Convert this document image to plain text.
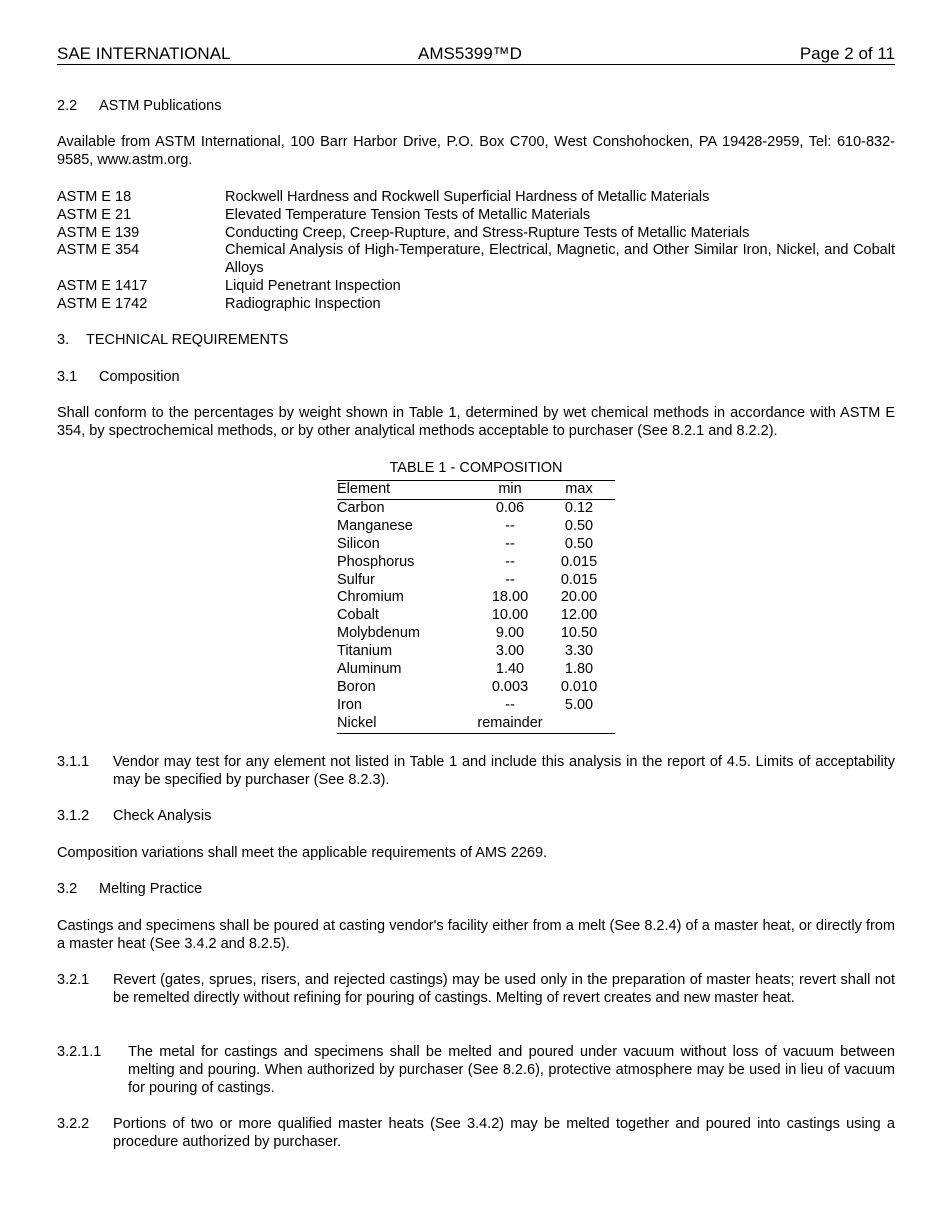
SAE INTERNATIONAL	AMS5399™D	Page 2 of 11
2.2 ASTM Publications
Available from ASTM International, 100 Barr Harbor Drive, P.O. Box C700, West Conshohocken, PA 19428-2959, Tel: 610-832-9585, www.astm.org.
ASTM E 18	Rockwell Hardness and Rockwell Superficial Hardness of Metallic Materials
ASTM E 21	Elevated Temperature Tension Tests of Metallic Materials
ASTM E 139	Conducting Creep, Creep-Rupture, and Stress-Rupture Tests of Metallic Materials
ASTM E 354	Chemical Analysis of High-Temperature, Electrical, Magnetic, and Other Similar Iron, Nickel, and Cobalt Alloys
ASTM E 1417	Liquid Penetrant Inspection
ASTM E 1742	Radiographic Inspection
3. TECHNICAL REQUIREMENTS
3.1 Composition
Shall conform to the percentages by weight shown in Table 1, determined by wet chemical methods in accordance with ASTM E 354, by spectrochemical methods, or by other analytical methods acceptable to purchaser (See 8.2.1 and 8.2.2).
TABLE 1 - COMPOSITION
Element	min	max
Carbon	0.06	0.12
Manganese	--	0.50
Silicon	--	0.50
Phosphorus	--	0.015
Sulfur	--	0.015
Chromium	18.00	20.00
Cobalt	10.00	12.00
Molybdenum	9.00	10.50
Titanium	3.00	3.30
Aluminum	1.40	1.80
Boron	0.003	0.010
Iron	--	5.00
Nickel	remainder	
3.1.1 Vendor may test for any element not listed in Table 1 and include this analysis in the report of 4.5. Limits of acceptability may be specified by purchaser (See 8.2.3).
3.1.2 Check Analysis
Composition variations shall meet the applicable requirements of AMS 2269.
3.2 Melting Practice
Castings and specimens shall be poured at casting vendor's facility either from a melt (See 8.2.4) of a master heat, or directly from a master heat (See 3.4.2 and 8.2.5).
3.2.1 Revert (gates, sprues, risers, and rejected castings) may be used only in the preparation of master heats; revert shall not be remelted directly without refining for pouring of castings. Melting of revert creates and new master heat.
3.2.1.1 The metal for castings and specimens shall be melted and poured under vacuum without loss of vacuum between melting and pouring. When authorized by purchaser (See 8.2.6), protective atmosphere may be used in lieu of vacuum for pouring of castings.
3.2.2 Portions of two or more qualified master heats (See 3.4.2) may be melted together and poured into castings using a procedure authorized by purchaser.
